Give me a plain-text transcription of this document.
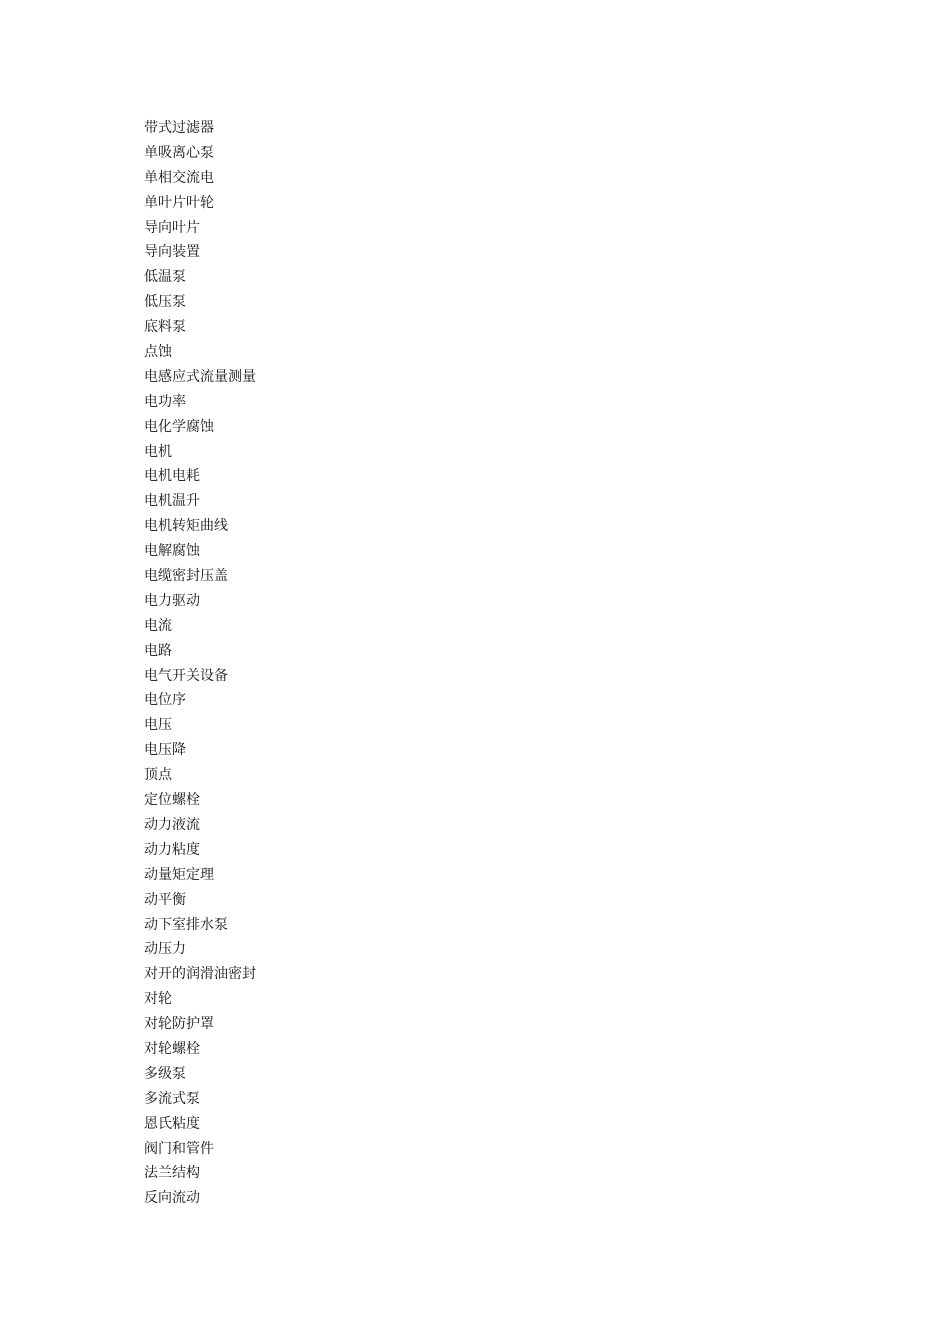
带式过滤器
单吸离心泵
单相交流电
单叶片叶轮
导向叶片
导向装置
低温泵
低压泵
底料泵
点蚀
电感应式流量测量
电功率
电化学腐蚀
电机
电机电耗
电机温升
电机转矩曲线
电解腐蚀
电缆密封压盖
电力驱动
电流
电路
电气开关设备
电位序
电压
电压降
顶点
定位螺栓
动力液流
动力粘度
动量矩定理
动平衡
动下室排水泵
动压力
对开的润滑油密封
对轮
对轮防护罩
对轮螺栓
多级泵
多流式泵
恩氏粘度
阀门和管件
法兰结构
反向流动
